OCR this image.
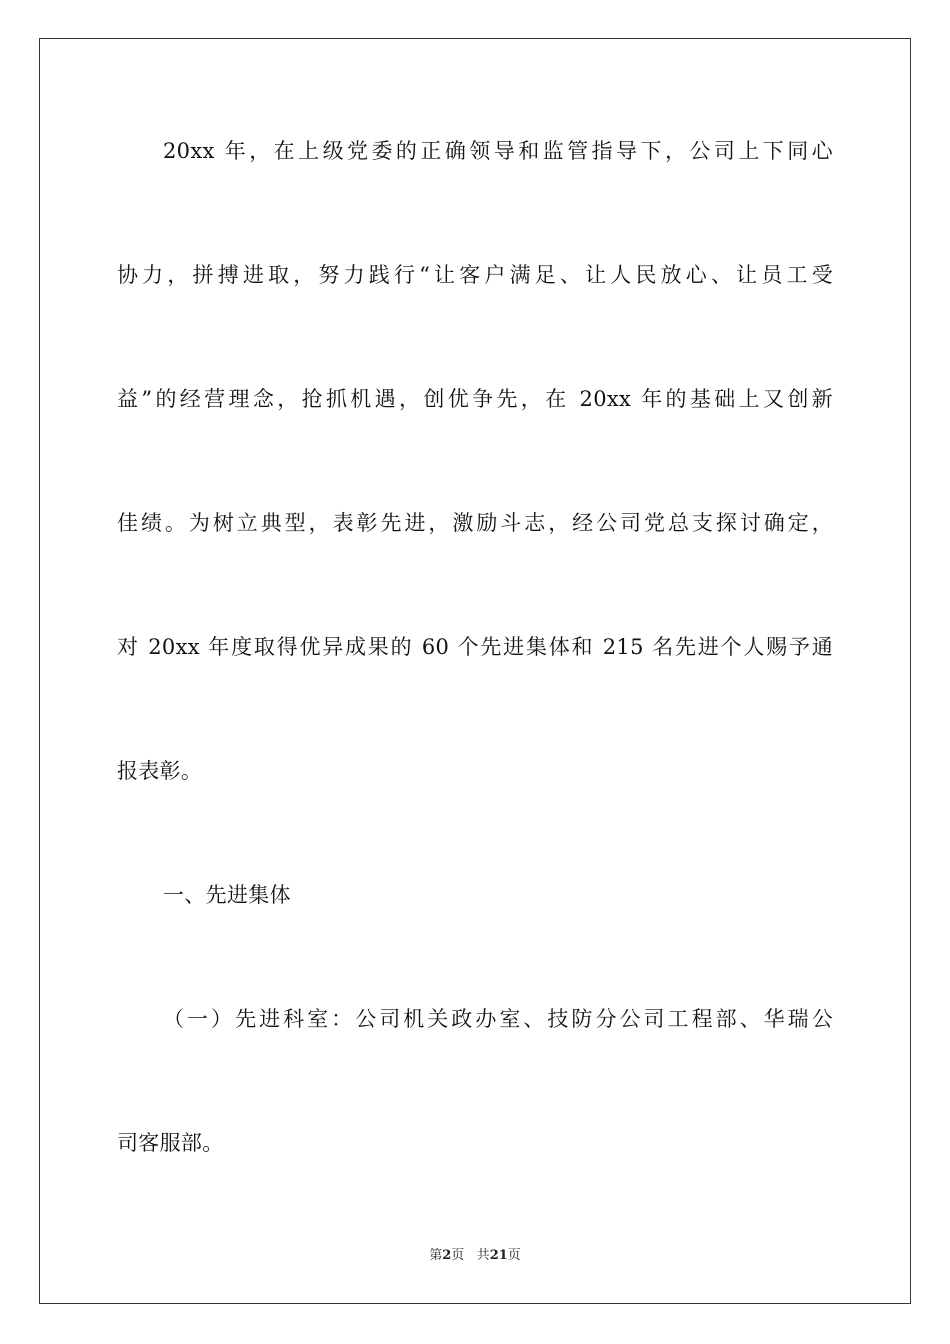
20xx 年，在上级党委的正确领导和监管指导下，公司上下同心
协力，拼搏进取，努力践行“让客户满足、让人民放心、让员工受
益”的经营理念，抢抓机遇，创优争先，在 20xx 年的基础上又创新
佳绩。为树立典型，表彰先进，激励斗志，经公司党总支探讨确定，
对 20xx 年度取得优异成果的 60 个先进集体和 215 名先进个人赐予通
报表彰。
一、先进集体
（一）先进科室：公司机关政办室、技防分公司工程部、华瑞公
司客服部。
第2页 共21页
